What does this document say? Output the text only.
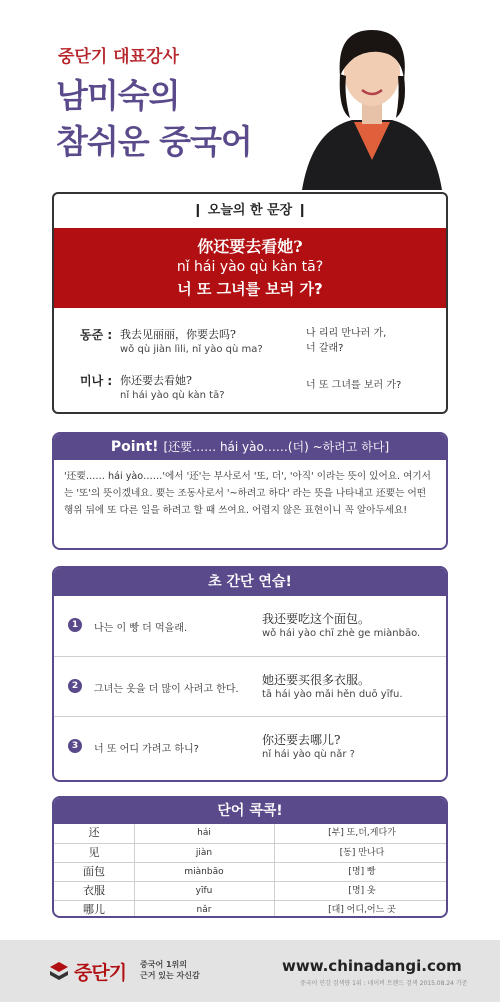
중단기 대표강사
남미숙의
참쉬운 중국어
❙ 오늘의 한 문장 ❙
你还要去看她?
nǐ hái yào qù kàn tā?
너 또 그녀를 보러 가?
동준 : 我去见丽丽，你要去吗?
wǒ qù jiàn lìli, nǐ yào qù ma?
나 리리 만나러 가,
너 갈래?
미나 : 你还要去看她?
nǐ hái yào qù kàn tā?
너 또 그녀를 보러 가?
Point! [还要…… hái yào……(더) ~하려고 하다]
'还要…… hái yào……'에서 '还'는 부사로서 '또, 더', '아직' 이라는 뜻이 있어요. 여기서는 '또'의 뜻이겠네요. 要는 조동사로서 '~하려고 하다' 라는 뜻을 나타내고 还要는 어떤 행위 뒤에 또 다른 일을 하려고 할 때 쓰여요. 어렵지 않은 표현이니 꼭 알아두세요!
초 간단 연습!
1	나는 이 빵 더 먹을래.
我还要吃这个面包。
wǒ hái yào chī zhè ge miànbāo.
2	그녀는 옷을 더 많이 사려고 한다.
她还要买很多衣服。
tā hái yào mǎi hěn duō yīfu.
3	너 또 어디 가려고 하니?
你还要去哪儿?
nǐ hái yào qù nǎr ?
단어 콕콕!
还	hái	[부] 또,더,게다가
见	jiàn	[동] 만나다
面包	miànbāo	[명] 빵
衣服	yīfu	[명] 옷
哪儿	nǎr	[대] 어디,어느 곳
중단기 중국어 1위의
근거 있는 자신감
www.chinadangi.com
중국어 인강 검색량 1위 : 네이버 트렌드 검색 2015.08.24 기준
